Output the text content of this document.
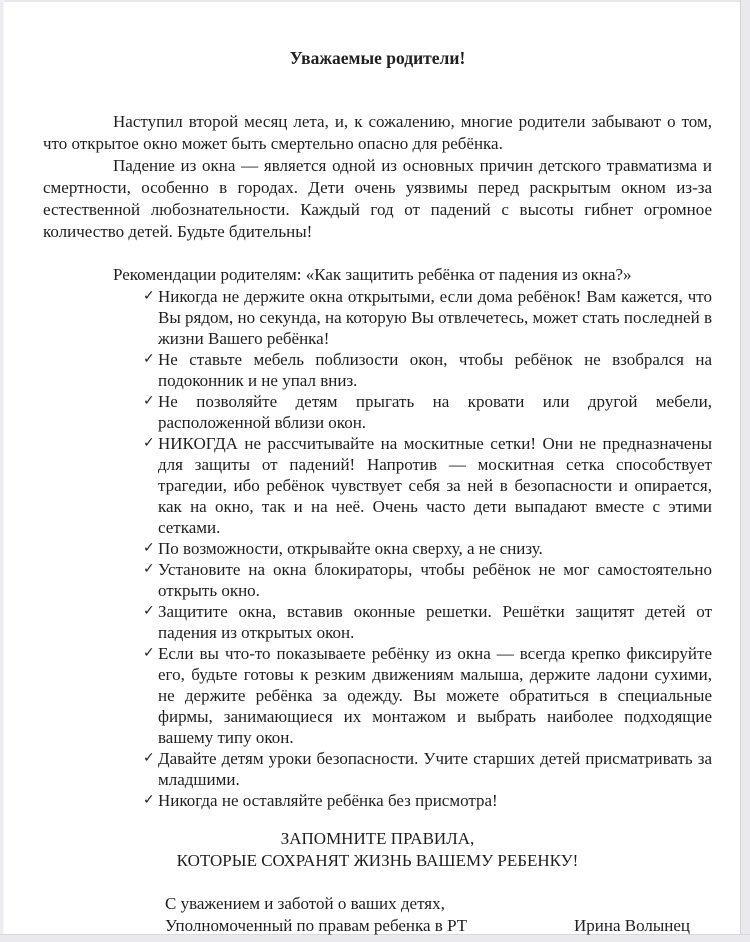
Уважаемые родители!

Наступил второй месяц лета, и, к сожалению, многие родители забывают о том, что открытое окно может быть смертельно опасно для ребёнка.

Падение из окна — является одной из основных причин детского травматизма и смертности, особенно в городах. Дети очень уязвимы перед раскрытым окном из-за естественной любознательности. Каждый год от падений с высоты гибнет огромное количество детей. Будьте бдительны!

Рекомендации родителям: «Как защитить ребёнка от падения из окна?»

✓ Никогда не держите окна открытыми, если дома ребёнок! Вам кажется, что Вы рядом, но секунда, на которую Вы отвлечетесь, может стать последней в жизни Вашего ребёнка!
✓ Не ставьте мебель поблизости окон, чтобы ребёнок не взобрался на подоконник и не упал вниз.
✓ Не позволяйте детям прыгать на кровати или другой мебели, расположенной вблизи окон.
✓ НИКОГДА не рассчитывайте на москитные сетки! Они не предназначены для защиты от падений! Напротив — москитная сетка способствует трагедии, ибо ребёнок чувствует себя за ней в безопасности и опирается, как на окно, так и на неё. Очень часто дети выпадают вместе с этими сетками.
✓ По возможности, открывайте окна сверху, а не снизу.
✓ Установите на окна блокираторы, чтобы ребёнок не мог самостоятельно открыть окно.
✓ Защитите окна, вставив оконные решетки. Решётки защитят детей от падения из открытых окон.
✓ Если вы что-то показываете ребёнку из окна — всегда крепко фиксируйте его, будьте готовы к резким движениям малыша, держите ладони сухими, не держите ребёнка за одежду. Вы можете обратиться в специальные фирмы, занимающиеся их монтажом и выбрать наиболее подходящие вашему типу окон.
✓ Давайте детям уроки безопасности. Учите старших детей присматривать за младшими.
✓ Никогда не оставляйте ребёнка без присмотра!
ЗАПОМНИТЕ ПРАВИЛА,
КОТОРЫЕ СОХРАНЯТ ЖИЗНЬ ВАШЕМУ РЕБЕНКУ!
С уважением и заботой о ваших детях,
Уполномоченный по правам ребенка в РТ	Ирина Волынец
